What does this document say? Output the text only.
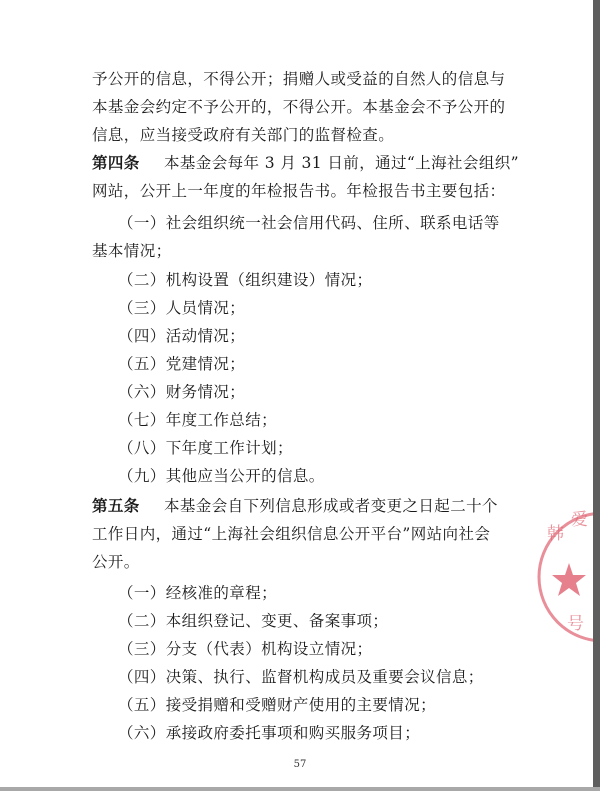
予公开的信息，不得公开；捐赠人或受益的自然人的信息与
本基金会约定不予公开的，不得公开。本基金会不予公开的
信息，应当接受政府有关部门的监督检查。
第四条 本基金会每年 3 月 31 日前，通过“上海社会组织”
网站，公开上一年度的年检报告书。年检报告书主要包括：
（一）社会组织统一社会信用代码、住所、联系电话等
基本情况；
（二）机构设置（组织建设）情况；
（三）人员情况；
（四）活动情况；
（五）党建情况；
（六）财务情况；
（七）年度工作总结；
（八）下年度工作计划；
（九）其他应当公开的信息。
第五条 本基金会自下列信息形成或者变更之日起二十个
工作日内，通过“上海社会组织信息公开平台”网站向社会
公开。
（一）经核准的章程；
（二）本组织登记、变更、备案事项；
（三）分支（代表）机构设立情况；
（四）决策、执行、监督机构成员及重要会议信息；
（五）接受捐赠和受赠财产使用的主要情况；
（六）承接政府委托事项和购买服务项目；
57
韩
爱
号
